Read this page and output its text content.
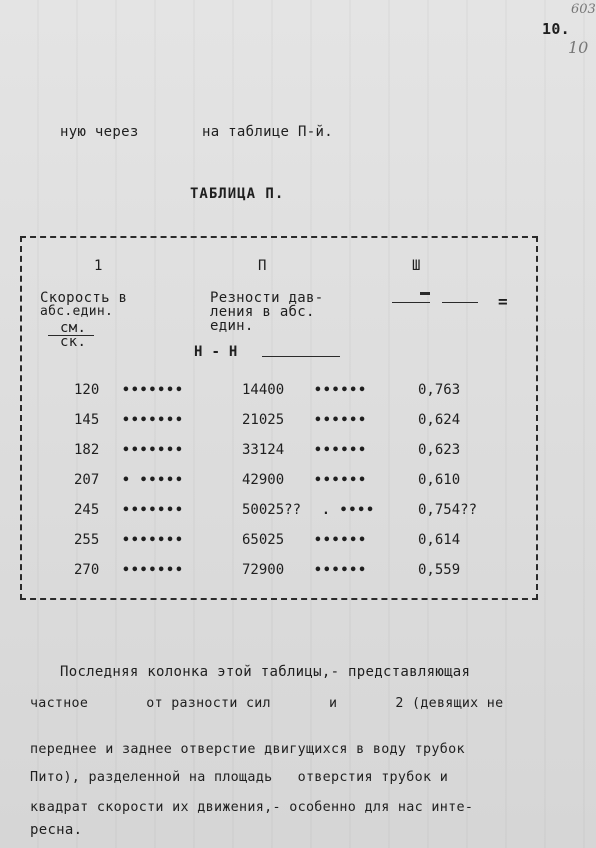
10.
603
10
ную через	на таблице П-й.
ТАБЛИЦА П.
1	П	Ш
Скорость в
абс.един.
см.
ск.
Резности дав-
ления в абс.
един.
Н - Н
=
120 •••••••	14400 ••••••	0,763
145 •••••••	21025 ••••••	0,624
182 •••••••	33124 ••••••	0,623
207 • •••••	42900 ••••••	0,610
245 •••••••	50025?? . ••••	0,754??
255 •••••••	65025 ••••••	0,614
270 •••••••	72900 ••••••	0,559
Последняя колонка этой таблицы,- представляющая
частное       от разности сил       и       2 (девящих не
переднее и заднее отверстие двигущихся в воду трубок
Пито), разделенной на площадь   отверстия трубок и
квадрат скорости их движения,- особенно для нас инте-
ресна.
